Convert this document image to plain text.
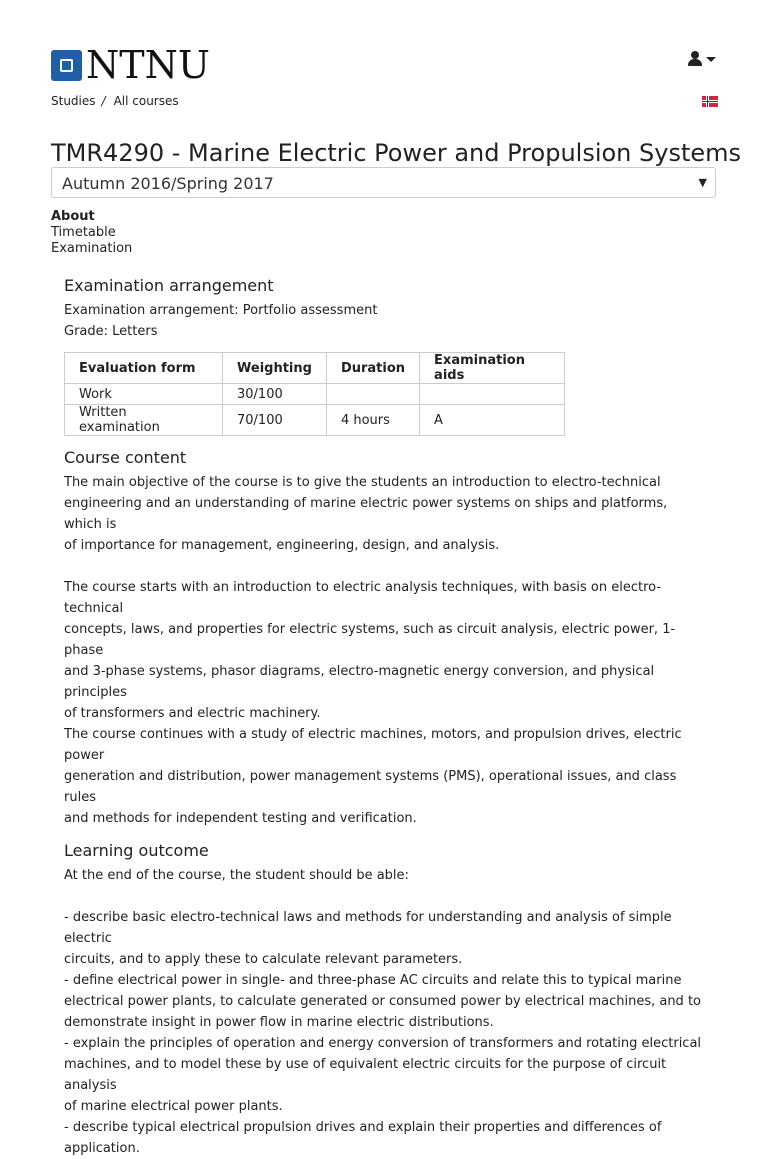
NTNU
Studies / All courses
TMR4290 - Marine Electric Power and Propulsion Systems
Autumn 2016/Spring 2017	▼
About
Timetable
Examination
Examination arrangement
Examination arrangement: Portfolio assessment
Grade: Letters
Evaluation form	Weighting	Duration	Examination aids
Work	30/100		
Written examination	70/100	4 hours	A
Course content
The main objective of the course is to give the students an introduction to electro-technical
engineering and an understanding of marine electric power systems on ships and platforms, which is
of importance for management, engineering, design, and analysis.
The course starts with an introduction to electric analysis techniques, with basis on electro-technical
concepts, laws, and properties for electric systems, such as circuit analysis, electric power, 1-phase
and 3-phase systems, phasor diagrams, electro-magnetic energy conversion, and physical principles
of transformers and electric machinery.
The course continues with a study of electric machines, motors, and propulsion drives, electric power
generation and distribution, power management systems (PMS), operational issues, and class rules
and methods for independent testing and verification.
Learning outcome
At the end of the course, the student should be able:
- describe basic electro-technical laws and methods for understanding and analysis of simple electric
circuits, and to apply these to calculate relevant parameters.
- define electrical power in single- and three-phase AC circuits and relate this to typical marine
electrical power plants, to calculate generated or consumed power by electrical machines, and to
demonstrate insight in power flow in marine electric distributions.
- explain the principles of operation and energy conversion of transformers and rotating electrical
machines, and to model these by use of equivalent electric circuits for the purpose of circuit analysis
of marine electrical power plants.
- describe typical electrical propulsion drives and explain their properties and differences of
application.
